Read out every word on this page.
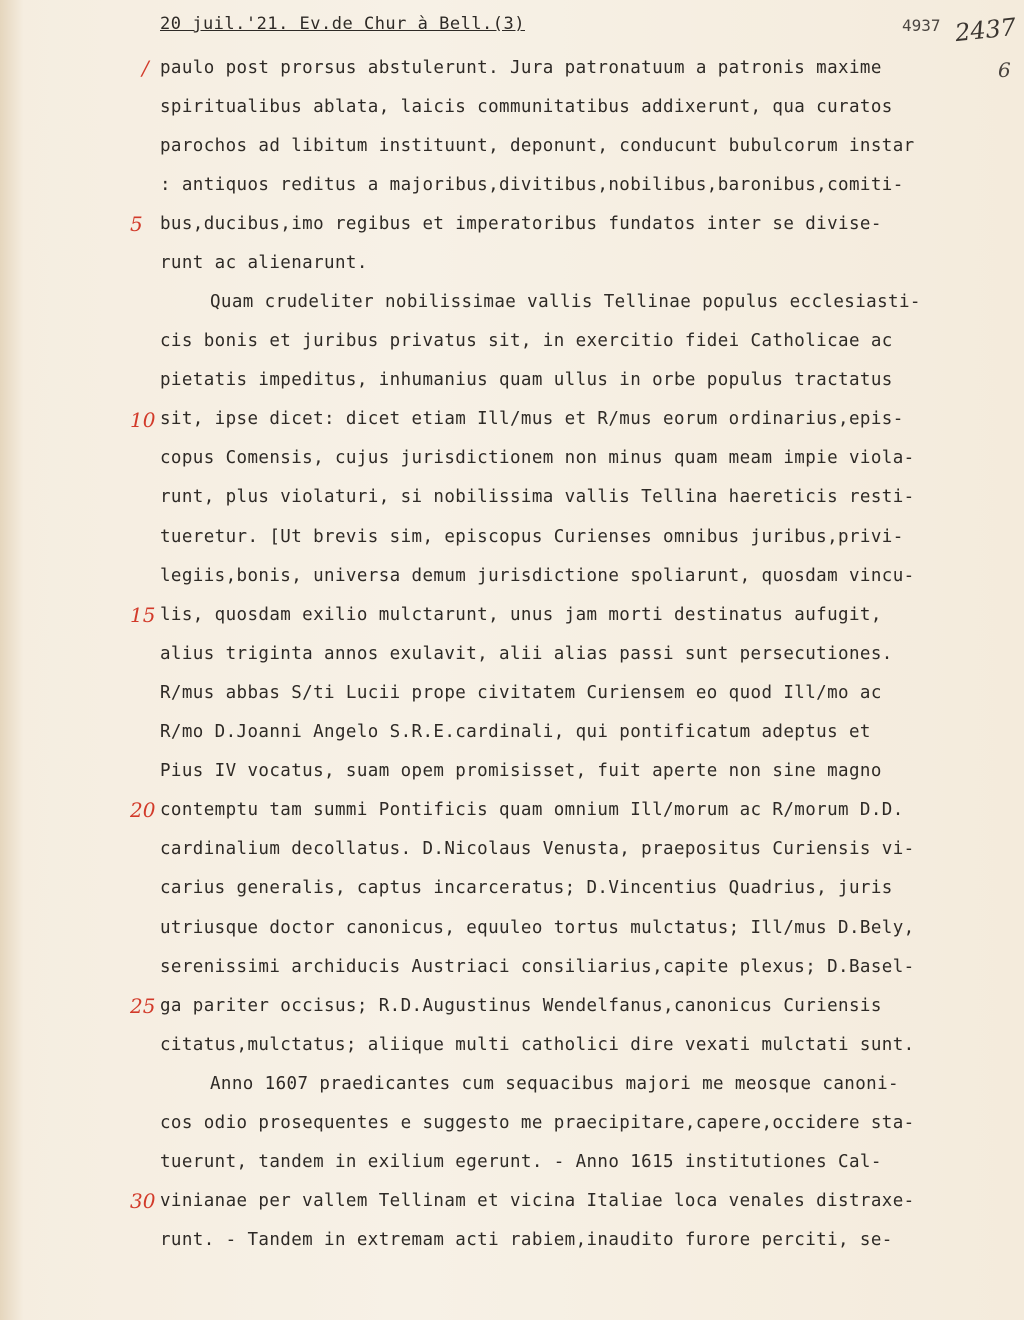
20 juil.'21. Ev.de Chur à Bell.(3)	4937 2437
6
/
5
10
15
20
25
30
paulo post prorsus abstulerunt. Jura patronatuum a patronis maxime
spiritualibus ablata, laicis communitatibus addixerunt, qua curatos
parochos ad libitum instituunt, deponunt, conducunt bubulcorum instar
: antiquos reditus a majoribus,divitibus,nobilibus,baronibus,comiti-
bus,ducibus,imo regibus et imperatoribus fundatos inter se divise-
runt ac alienarunt.
Quam crudeliter nobilissimae vallis Tellinae populus ecclesiasti-
cis bonis et juribus privatus sit, in exercitio fidei Catholicae ac
pietatis impeditus, inhumanius quam ullus in orbe populus tractatus
sit, ipse dicet: dicet etiam Ill/mus et R/mus eorum ordinarius,epis-
copus Comensis, cujus jurisdictionem non minus quam meam impie viola-
runt, plus violaturi, si nobilissima vallis Tellina haereticis resti-
tueretur. [Ut brevis sim, episcopus Curienses omnibus juribus,privi-
legiis,bonis, universa demum jurisdictione spoliarunt, quosdam vincu-
lis, quosdam exilio mulctarunt, unus jam morti destinatus aufugit,
alius triginta annos exulavit, alii alias passi sunt persecutiones.
R/mus abbas S/ti Lucii prope civitatem Curiensem eo quod Ill/mo ac
R/mo D.Joanni Angelo S.R.E.cardinali, qui pontificatum adeptus et
Pius IV vocatus, suam opem promisisset, fuit aperte non sine magno
contemptu tam summi Pontificis quam omnium Ill/morum ac R/morum D.D.
cardinalium decollatus. D.Nicolaus Venusta, praepositus Curiensis vi-
carius generalis, captus incarceratus; D.Vincentius Quadrius, juris
utriusque doctor canonicus, equuleo tortus mulctatus; Ill/mus D.Bely,
serenissimi archiducis Austriaci consiliarius,capite plexus; D.Basel-
ga pariter occisus; R.D.Augustinus Wendelfanus,canonicus Curiensis
citatus,mulctatus; aliique multi catholici dire vexati mulctati sunt.
Anno 1607 praedicantes cum sequacibus majori me meosque canoni-
cos odio prosequentes e suggesto me praecipitare,capere,occidere sta-
tuerunt, tandem in exilium egerunt. - Anno 1615 institutiones Cal-
vinianae per vallem Tellinam et vicina Italiae loca venales distraxe-
runt. - Tandem in extremam acti rabiem,inaudito furore perciti, se-
